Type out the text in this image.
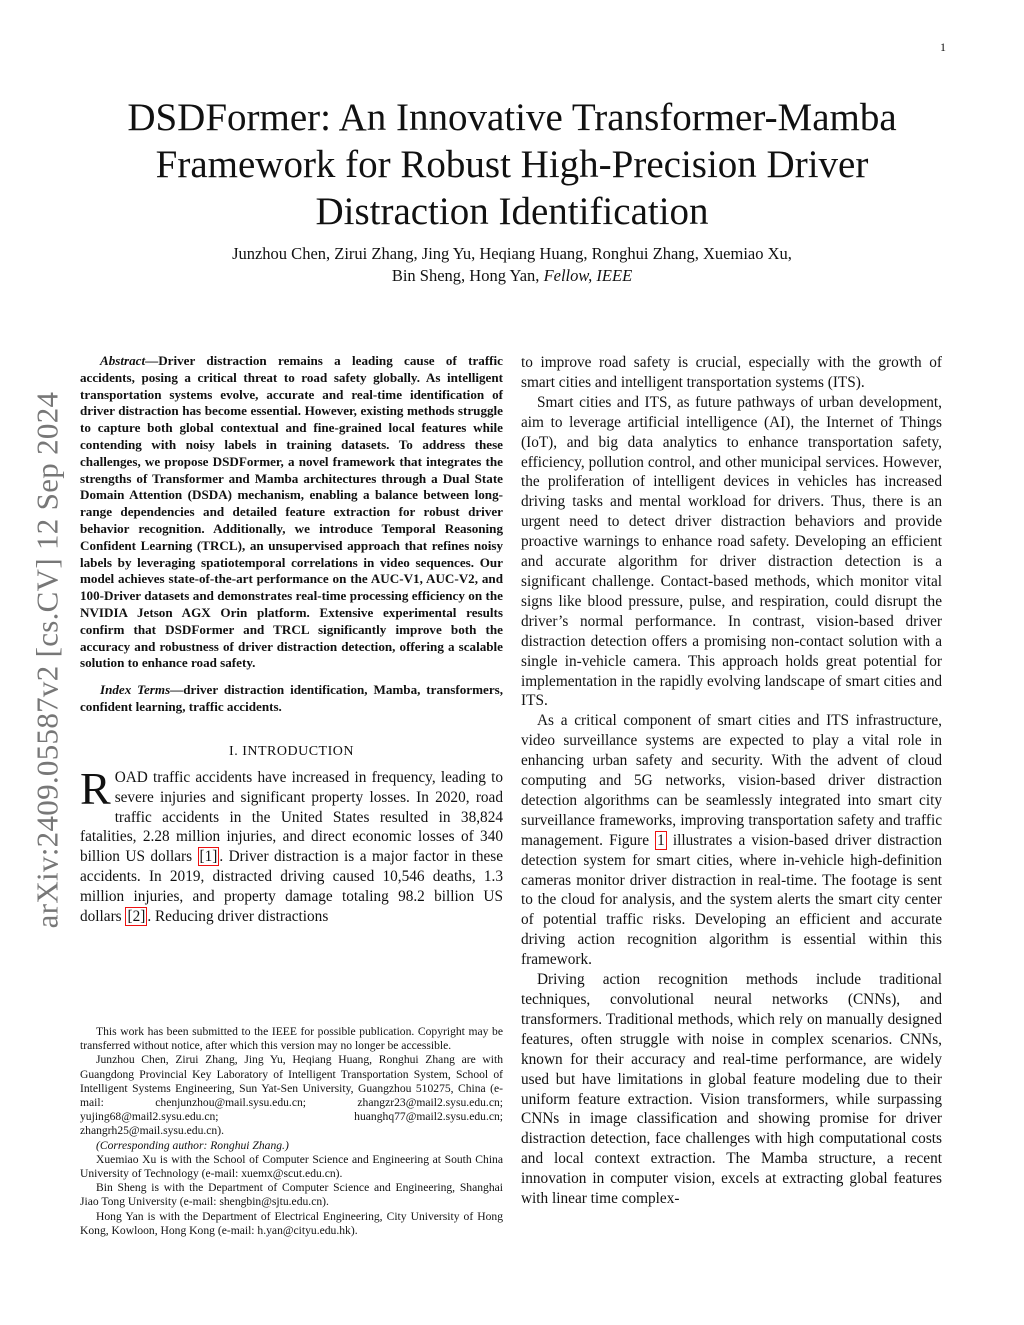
1
arXiv:2409.05587v2 [cs.CV] 12 Sep 2024
DSDFormer: An Innovative Transformer-Mamba Framework for Robust High-Precision Driver Distraction Identification
Junzhou Chen, Zirui Zhang, Jing Yu, Heqiang Huang, Ronghui Zhang, Xuemiao Xu,
Bin Sheng, Hong Yan, Fellow, IEEE

Abstract—Driver distraction remains a leading cause of traffic accidents, posing a critical threat to road safety globally. As intelligent transportation systems evolve, accurate and real-time identification of driver distraction has become essential. However, existing methods struggle to capture both global contextual and fine-grained local features while contending with noisy labels in training datasets. To address these challenges, we propose DSDFormer, a novel framework that integrates the strengths of Transformer and Mamba architectures through a Dual State Domain Attention (DSDA) mechanism, enabling a balance between long-range dependencies and detailed feature extraction for robust driver behavior recognition. Additionally, we introduce Temporal Reasoning Confident Learning (TRCL), an unsupervised approach that refines noisy labels by leveraging spatiotemporal correlations in video sequences. Our model achieves state-of-the-art performance on the AUC-V1, AUC-V2, and 100-Driver datasets and demonstrates real-time processing efficiency on the NVIDIA Jetson AGX Orin platform. Extensive experimental results confirm that DSDFormer and TRCL significantly improve both the accuracy and robustness of driver distraction detection, offering a scalable solution to enhance road safety.

Index Terms—driver distraction identification, Mamba, transformers, confident learning, traffic accidents.

I. INTRODUCTION

ROAD traffic accidents have increased in frequency, leading to severe injuries and significant property losses. In 2020, road traffic accidents in the United States resulted in 38,824 fatalities, 2.28 million injuries, and direct economic losses of 340 billion US dollars [1] . Driver distraction is a major factor in these accidents. In 2019, distracted driving caused 10,546 deaths, 1.3 million injuries, and property damage totaling 98.2 billion US dollars [2] . Reducing driver distractions

This work has been submitted to the IEEE for possible publication. Copyright may be transferred without notice, after which this version may no longer be accessible.

Junzhou Chen, Zirui Zhang, Jing Yu, Heqiang Huang, Ronghui Zhang are with Guangdong Provincial Key Laboratory of Intelligent Transportation System, School of Intelligent Systems Engineering, Sun Yat-Sen University, Guangzhou 510275, China (e-mail: chenjunzhou@mail.sysu.edu.cn; zhangzr23@mail2.sysu.edu.cn; yujing68@mail2.sysu.edu.cn; huanghq77@mail2.sysu.edu.cn; zhangrh25@mail.sysu.edu.cn).

(Corresponding author: Ronghui Zhang.)

Xuemiao Xu is with the School of Computer Science and Engineering at South China University of Technology (e-mail: xuemx@scut.edu.cn).

Bin Sheng is with the Department of Computer Science and Engineering, Shanghai Jiao Tong University (e-mail: shengbin@sjtu.edu.cn).

Hong Yan is with the Department of Electrical Engineering, City University of Hong Kong, Kowloon, Hong Kong (e-mail: h.yan@cityu.edu.hk).

to improve road safety is crucial, especially with the growth of smart cities and intelligent transportation systems (ITS).

Smart cities and ITS, as future pathways of urban development, aim to leverage artificial intelligence (AI), the Internet of Things (IoT), and big data analytics to enhance transportation safety, efficiency, pollution control, and other municipal services. However, the proliferation of intelligent devices in vehicles has increased driving tasks and mental workload for drivers. Thus, there is an urgent need to detect driver distraction behaviors and provide proactive warnings to enhance road safety. Developing an efficient and accurate algorithm for driver distraction detection is a significant challenge. Contact-based methods, which monitor vital signs like blood pressure, pulse, and respiration, could disrupt the driver’s normal performance. In contrast, vision-based driver distraction detection offers a promising non-contact solution with a single in-vehicle camera. This approach holds great potential for implementation in the rapidly evolving landscape of smart cities and ITS.

As a critical component of smart cities and ITS infrastructure, video surveillance systems are expected to play a vital role in enhancing urban safety and security. With the advent of cloud computing and 5G networks, vision-based driver distraction detection algorithms can be seamlessly integrated into smart city surveillance frameworks, improving transportation safety and traffic management. Figure 1 illustrates a vision-based driver distraction detection system for smart cities, where in-vehicle high-definition cameras monitor driver distraction in real-time. The footage is sent to the cloud for analysis, and the system alerts the smart city center of potential traffic risks. Developing an efficient and accurate driving action recognition algorithm is essential within this framework.

Driving action recognition methods include traditional techniques, convolutional neural networks (CNNs), and transformers. Traditional methods, which rely on manually designed features, often struggle with noise in complex scenarios. CNNs, known for their accuracy and real-time performance, are widely used but have limitations in global feature modeling due to their uniform feature extraction. Vision transformers, while surpassing CNNs in image classification and showing promise for driver distraction detection, face challenges with high computational costs and local context extraction. The Mamba structure, a recent innovation in computer vision, excels at extracting global features with linear time complex-
